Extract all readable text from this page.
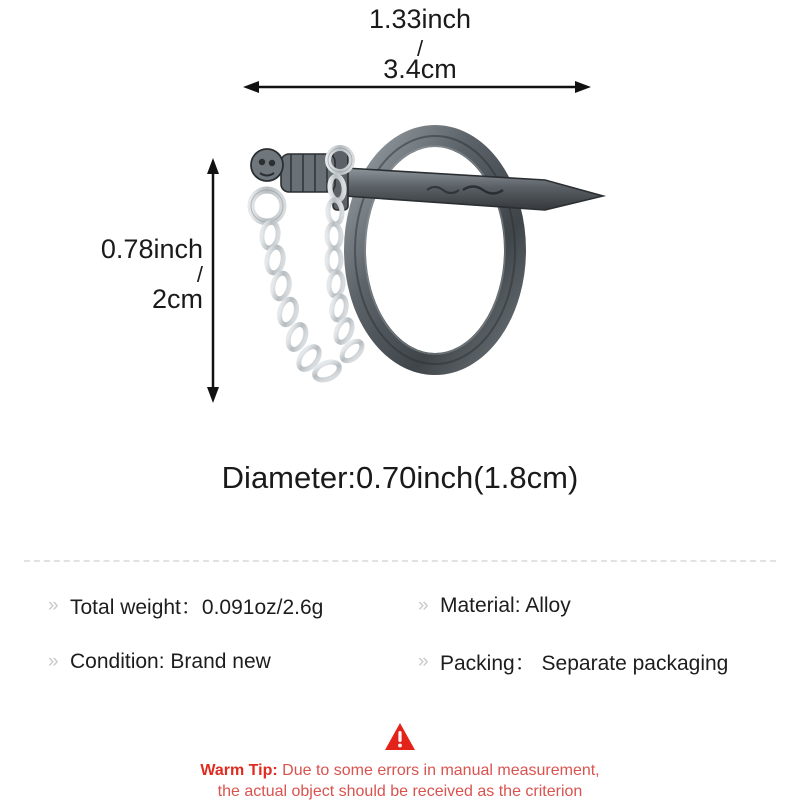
1.33inch
/
3.4cm
0.78inch
/
2cm
Diameter:0.70inch(1.8cm)
» Total weight：0.091oz/2.6g	» Material: Alloy
» Condition: Brand new	» Packing： Separate packaging
Warm Tip: Due to some errors in manual measurement,
the actual object should be received as the criterion
